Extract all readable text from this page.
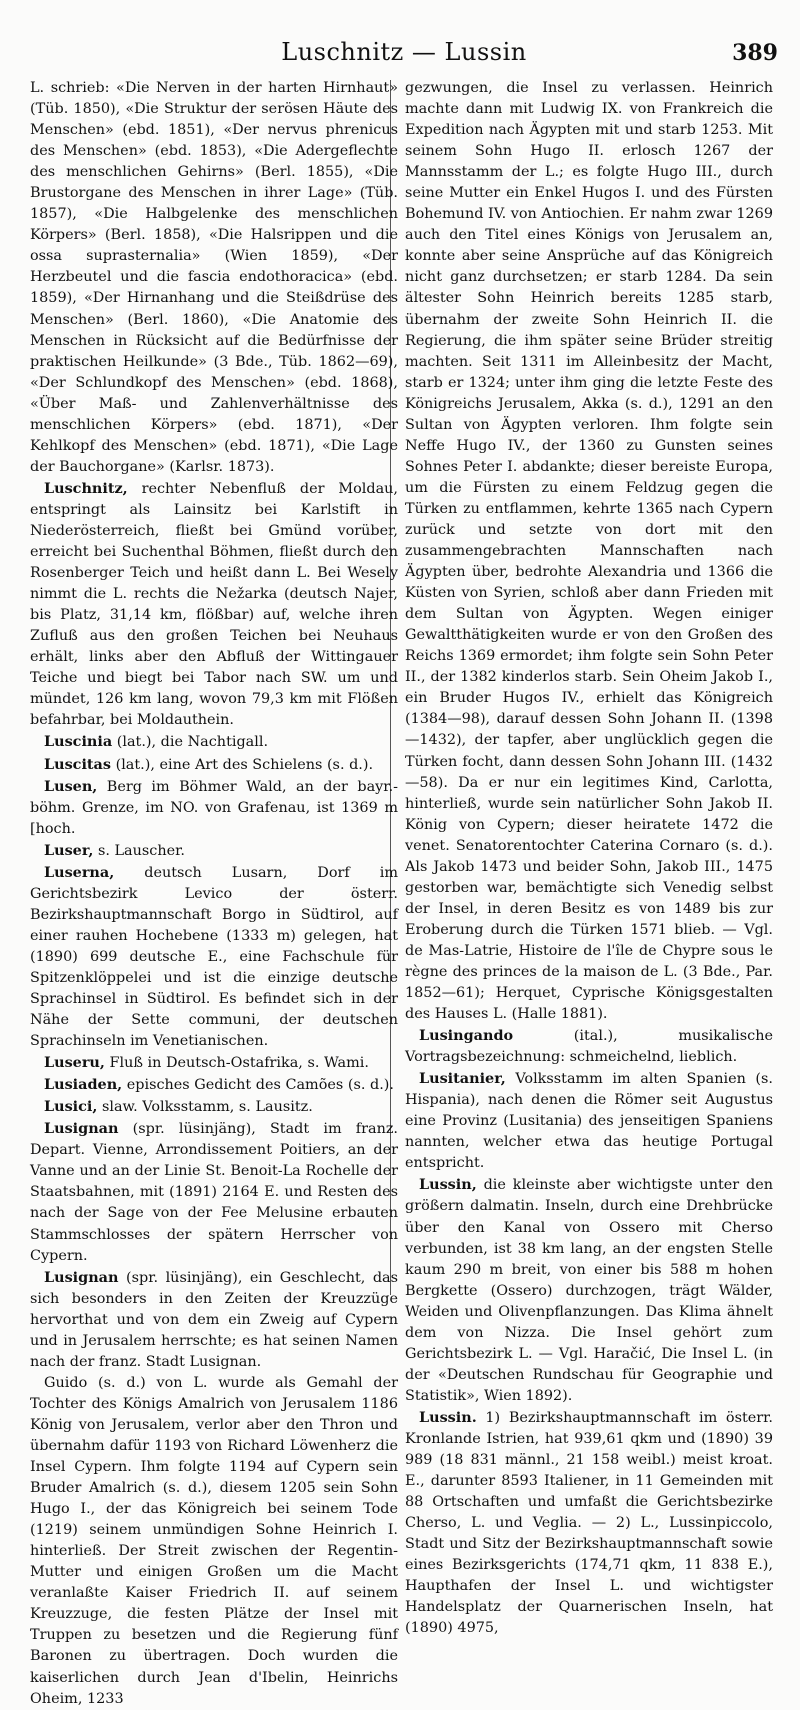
Luschnitz — Lussin	389

L. schrieb: «Die Nerven in der harten Hirnhaut» (Tüb. 1850), «Die Struktur der serösen Häute des Menschen» (ebd. 1851), «Der nervus phrenicus des Menschen» (ebd. 1853), «Die Adergeflechte des menschlichen Gehirns» (Berl. 1855), «Die Brustorgane des Menschen in ihrer Lage» (Tüb. 1857), «Die Halbgelenke des menschlichen Körpers» (Berl. 1858), «Die Halsrippen und die ossa suprasternalia» (Wien 1859), «Der Herzbeutel und die fascia endothoracica» (ebd. 1859), «Der Hirnanhang und die Steißdrüse des Menschen» (Berl. 1860), «Die Anatomie des Menschen in Rücksicht auf die Bedürfnisse der praktischen Heilkunde» (3 Bde., Tüb. 1862—69), «Der Schlundkopf des Menschen» (ebd. 1868), «Über Maß- und Zahlenverhältnisse des menschlichen Körpers» (ebd. 1871), «Der Kehlkopf des Menschen» (ebd. 1871), «Die Lage der Bauchorgane» (Karlsr. 1873).

Luschnitz, rechter Nebenfluß der Moldau, entspringt als Lainsitz bei Karlstift in Niederösterreich, fließt bei Gmünd vorüber, erreicht bei Suchenthal Böhmen, fließt durch den Rosenberger Teich und heißt dann L. Bei Wesely nimmt die L. rechts die Nežarka (deutsch Najer, bis Platz, 31,14 km, flößbar) auf, welche ihren Zufluß aus den großen Teichen bei Neuhaus erhält, links aber den Abfluß der Wittingauer Teiche und biegt bei Tabor nach SW. um und mündet, 126 km lang, wovon 79,3 km mit Flößen befahrbar, bei Moldauthein.

Luscinia (lat.), die Nachtigall.

Luscitas (lat.), eine Art des Schielens (s. d.).

Lusen, Berg im Böhmer Wald, an der bayr.-böhm. Grenze, im NO. von Grafenau, ist 1369 m [hoch.

Luser, s. Lauscher.

Luserna, deutsch Lusarn, Dorf im Gerichtsbezirk Levico der österr. Bezirkshauptmannschaft Borgo in Südtirol, auf einer rauhen Hochebene (1333 m) gelegen, hat (1890) 699 deutsche E., eine Fachschule für Spitzenklöppelei und ist die einzige deutsche Sprachinsel in Südtirol. Es befindet sich in der Nähe der Sette communi, der deutschen Sprachinseln im Venetianischen.

Luseru, Fluß in Deutsch-Ostafrika, s. Wami.

Lusiaden, episches Gedicht des Camões (s. d.).

Lusici, slaw. Volksstamm, s. Lausitz.

Lusignan (spr. lüsinjäng), Stadt im franz. Depart. Vienne, Arrondissement Poitiers, an der Vanne und an der Linie St. Benoit-La Rochelle der Staatsbahnen, mit (1891) 2164 E. und Resten des nach der Sage von der Fee Melusine erbauten Stammschlosses der spätern Herrscher von Cypern.

Lusignan (spr. lüsinjäng), ein Geschlecht, das sich besonders in den Zeiten der Kreuzzüge hervorthat und von dem ein Zweig auf Cypern und in Jerusalem herrschte; es hat seinen Namen nach der franz. Stadt Lusignan.

Guido (s. d.) von L. wurde als Gemahl der Tochter des Königs Amalrich von Jerusalem 1186 König von Jerusalem, verlor aber den Thron und übernahm dafür 1193 von Richard Löwenherz die Insel Cypern. Ihm folgte 1194 auf Cypern sein Bruder Amalrich (s. d.), diesem 1205 sein Sohn Hugo I., der das Königreich bei seinem Tode (1219) seinem unmündigen Sohne Heinrich I. hinterließ. Der Streit zwischen der Regentin-Mutter und einigen Großen um die Macht veranlaßte Kaiser Friedrich II. auf seinem Kreuzzuge, die festen Plätze der Insel mit Truppen zu besetzen und die Regierung fünf Baronen zu übertragen. Doch wurden die kaiserlichen durch Jean d'Ibelin, Heinrichs Oheim, 1233

gezwungen, die Insel zu verlassen. Heinrich machte dann mit Ludwig IX. von Frankreich die Expedition nach Ägypten mit und starb 1253. Mit seinem Sohn Hugo II. erlosch 1267 der Mannsstamm der L.; es folgte Hugo III., durch seine Mutter ein Enkel Hugos I. und des Fürsten Bohemund IV. von Antiochien. Er nahm zwar 1269 auch den Titel eines Königs von Jerusalem an, konnte aber seine Ansprüche auf das Königreich nicht ganz durchsetzen; er starb 1284. Da sein ältester Sohn Heinrich bereits 1285 starb, übernahm der zweite Sohn Heinrich II. die Regierung, die ihm später seine Brüder streitig machten. Seit 1311 im Alleinbesitz der Macht, starb er 1324; unter ihm ging die letzte Feste des Königreichs Jerusalem, Akka (s. d.), 1291 an den Sultan von Ägypten verloren. Ihm folgte sein Neffe Hugo IV., der 1360 zu Gunsten seines Sohnes Peter I. abdankte; dieser bereiste Europa, um die Fürsten zu einem Feldzug gegen die Türken zu entflammen, kehrte 1365 nach Cypern zurück und setzte von dort mit den zusammengebrachten Mannschaften nach Ägypten über, bedrohte Alexandria und 1366 die Küsten von Syrien, schloß aber dann Frieden mit dem Sultan von Ägypten. Wegen einiger Gewaltthätigkeiten wurde er von den Großen des Reichs 1369 ermordet; ihm folgte sein Sohn Peter II., der 1382 kinderlos starb. Sein Oheim Jakob I., ein Bruder Hugos IV., erhielt das Königreich (1384—98), darauf dessen Sohn Johann II. (1398—1432), der tapfer, aber unglücklich gegen die Türken focht, dann dessen Sohn Johann III. (1432—58). Da er nur ein legitimes Kind, Carlotta, hinterließ, wurde sein natürlicher Sohn Jakob II. König von Cypern; dieser heiratete 1472 die venet. Senatorentochter Caterina Cornaro (s. d.). Als Jakob 1473 und beider Sohn, Jakob III., 1475 gestorben war, bemächtigte sich Venedig selbst der Insel, in deren Besitz es von 1489 bis zur Eroberung durch die Türken 1571 blieb. — Vgl. de Mas-Latrie, Histoire de l'île de Chypre sous le règne des princes de la maison de L. (3 Bde., Par. 1852—61); Herquet, Cyprische Königsgestalten des Hauses L. (Halle 1881).

Lusingando	(ital.), musikalische Vortragsbezeichnung: schmeichelnd, lieblich.

Lusitanier, Volksstamm im alten Spanien (s. Hispania), nach denen die Römer seit Augustus eine Provinz (Lusitania) des jenseitigen Spaniens nannten, welcher etwa das heutige Portugal entspricht.

Lussin, die kleinste aber wichtigste unter den größern dalmatin. Inseln, durch eine Drehbrücke über den Kanal von Ossero mit Cherso verbunden, ist 38 km lang, an der engsten Stelle kaum 290 m breit, von einer bis 588 m hohen Bergkette (Ossero) durchzogen, trägt Wälder, Weiden und Olivenpflanzungen. Das Klima ähnelt dem von Nizza. Die Insel gehört zum Gerichtsbezirk L. — Vgl. Haračić, Die Insel L. (in der «Deutschen Rundschau für Geographie und Statistik», Wien 1892).

Lussin. 1) Bezirkshauptmannschaft im österr. Kronlande Istrien, hat 939,61 qkm und (1890) 39 989 (18 831 männl., 21 158 weibl.) meist kroat. E., darunter 8593 Italiener, in 11 Gemeinden mit 88 Ortschaften und umfaßt die Gerichtsbezirke Cherso, L. und Veglia. — 2) L., Lussinpiccolo, Stadt und Sitz der Bezirkshauptmannschaft sowie eines Bezirksgerichts (174,71 qkm, 11 838 E.), Haupthafen der Insel L. und wichtigster Handelsplatz der Quarnerischen Inseln, hat (1890) 4975,
